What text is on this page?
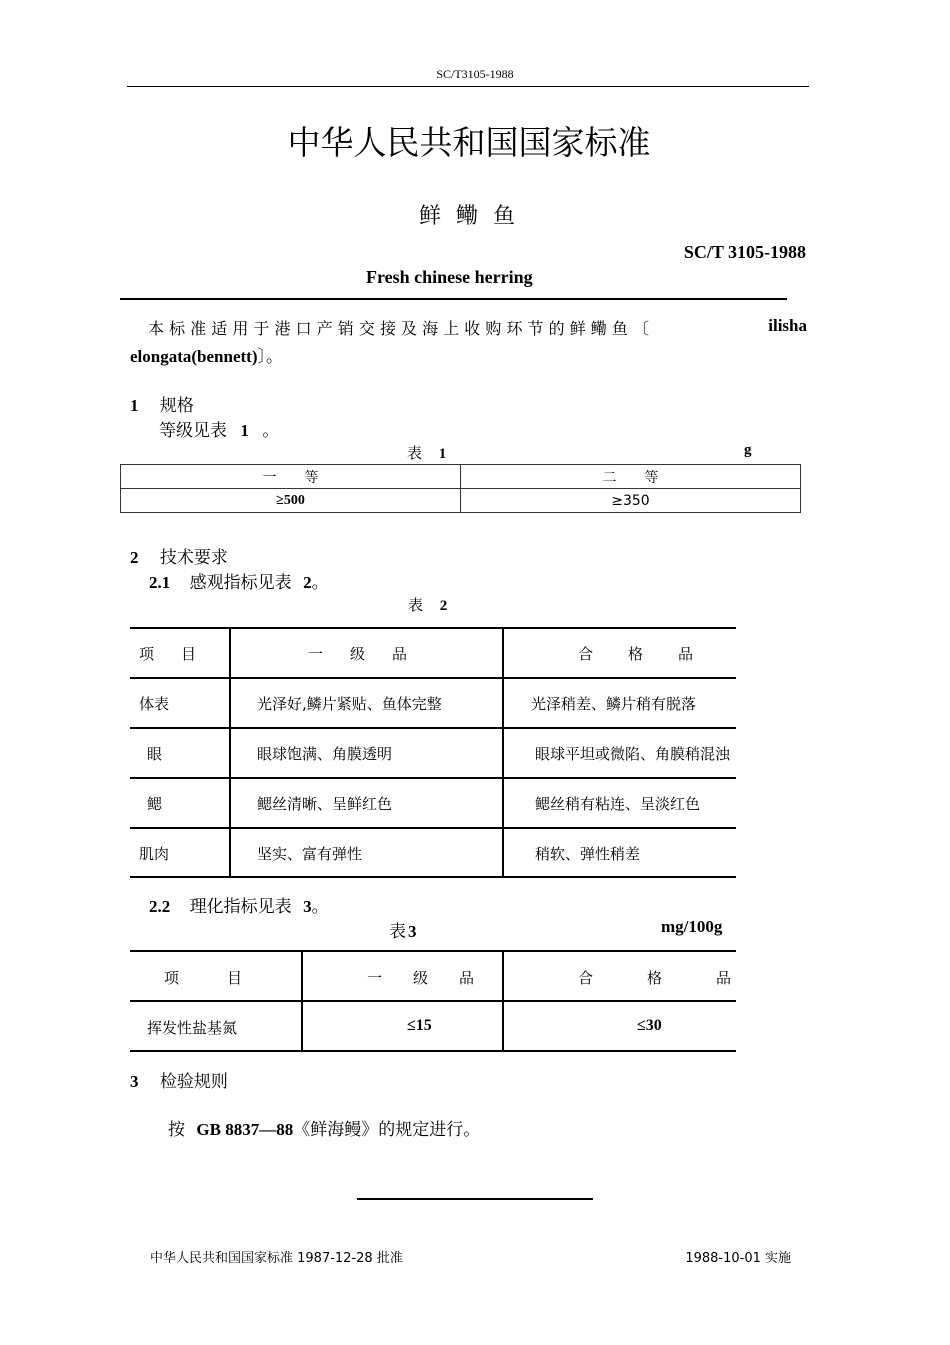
SC/T3105-1988
中华人民共和国国家标准
鲜 鳓 鱼
SC/T 3105-1988
Fresh chinese herring
本 标 准 适 用 于 港 口 产 销 交 接 及 海 上 收 购 环 节 的 鲜 鳓 鱼 〔	ilisha
elongata(bennett)〕。
1 规格
等级见表 1 。
表 1	g
一　　等	二　　等
≥500	≥350
2 技术要求
2.1 感观指标见表 2。
表 2
项　目	一　级　品	合　格　品
体表	光泽好,鳞片紧贴、鱼体完整	光泽稍差、鳞片稍有脱落
眼	眼球饱满、角膜透明	眼球平坦或微陷、角膜稍混浊
鳃	鳃丝清晰、呈鲜红色	鳃丝稍有粘连、呈淡红色
肌肉	坚实、富有弹性	稍软、弹性稍差
2.2 理化指标见表 3。
表 3	mg/100g
项　　目	一　级　品	合　　格　　品
挥发性盐基氮	≤15	≤30
3 检验规则
按 GB 8837—88《鲜海鳗》的规定进行。
中华人民共和国国家标准 1987-12-28 批准	1988-10-01 实施
